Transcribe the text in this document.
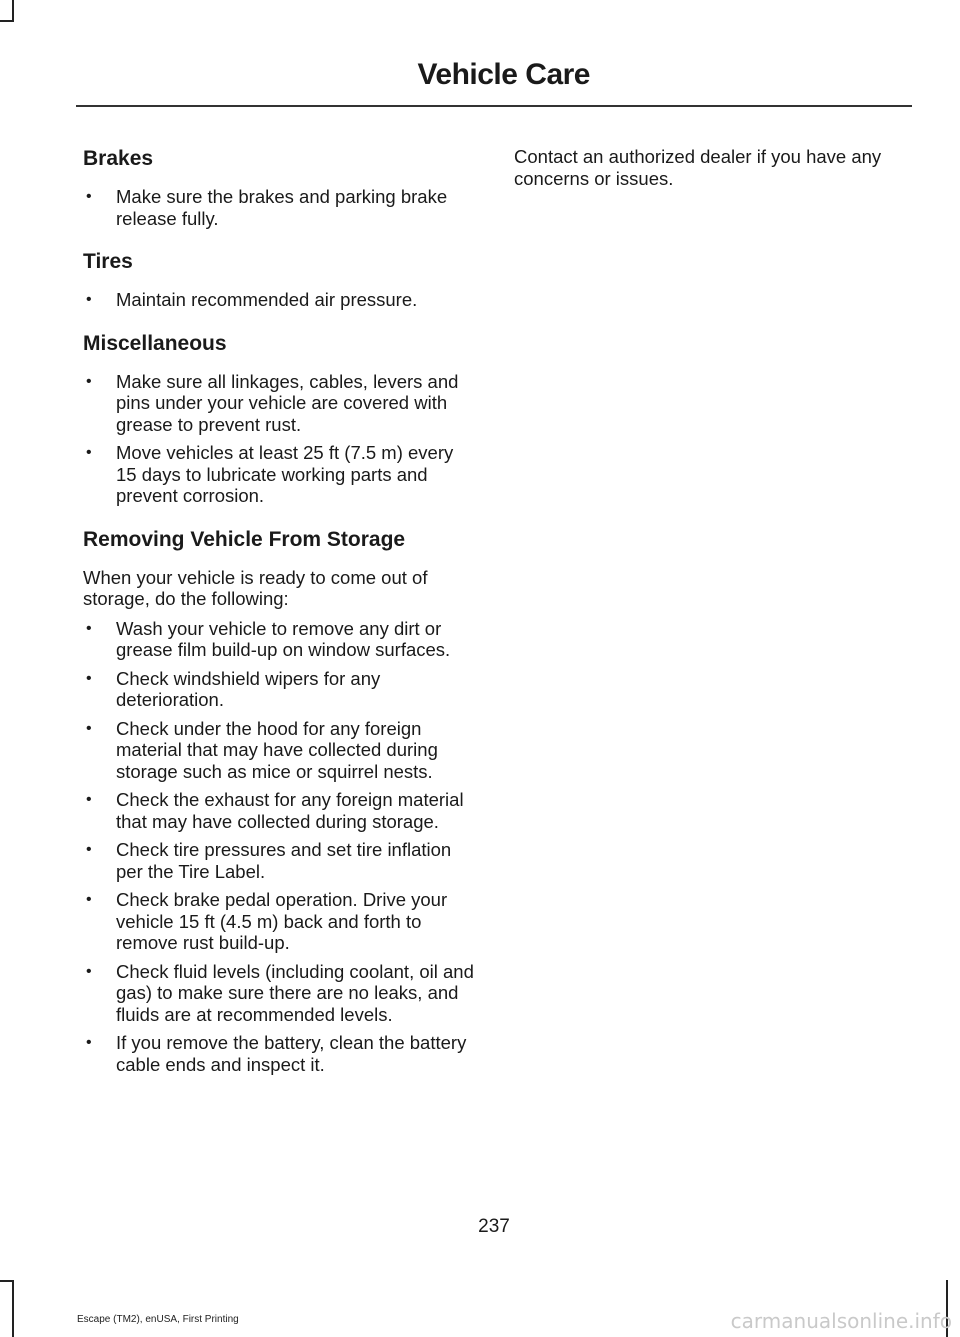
Vehicle Care
Brakes
• Make sure the brakes and parking brake release fully.
Tires
• Maintain recommended air pressure.
Miscellaneous
• Make sure all linkages, cables, levers and pins under your vehicle are covered with grease to prevent rust.
• Move vehicles at least 25 ft (7.5 m) every 15 days to lubricate working parts and prevent corrosion.
Removing Vehicle From Storage

When your vehicle is ready to come out of storage, do the following:

• Wash your vehicle to remove any dirt or grease film build-up on window surfaces.
• Check windshield wipers for any deterioration.
• Check under the hood for any foreign material that may have collected during storage such as mice or squirrel nests.
• Check the exhaust for any foreign material that may have collected during storage.
• Check tire pressures and set tire inflation per the Tire Label.
• Check brake pedal operation. Drive your vehicle 15 ft (4.5 m) back and forth to remove rust build-up.
• Check fluid levels (including coolant, oil and gas) to make sure there are no leaks, and fluids are at recommended levels.
• If you remove the battery, clean the battery cable ends and inspect it.

Contact an authorized dealer if you have any concerns or issues.

237
Escape (TM2), enUSA, First Printing	carmanualsonline.info
